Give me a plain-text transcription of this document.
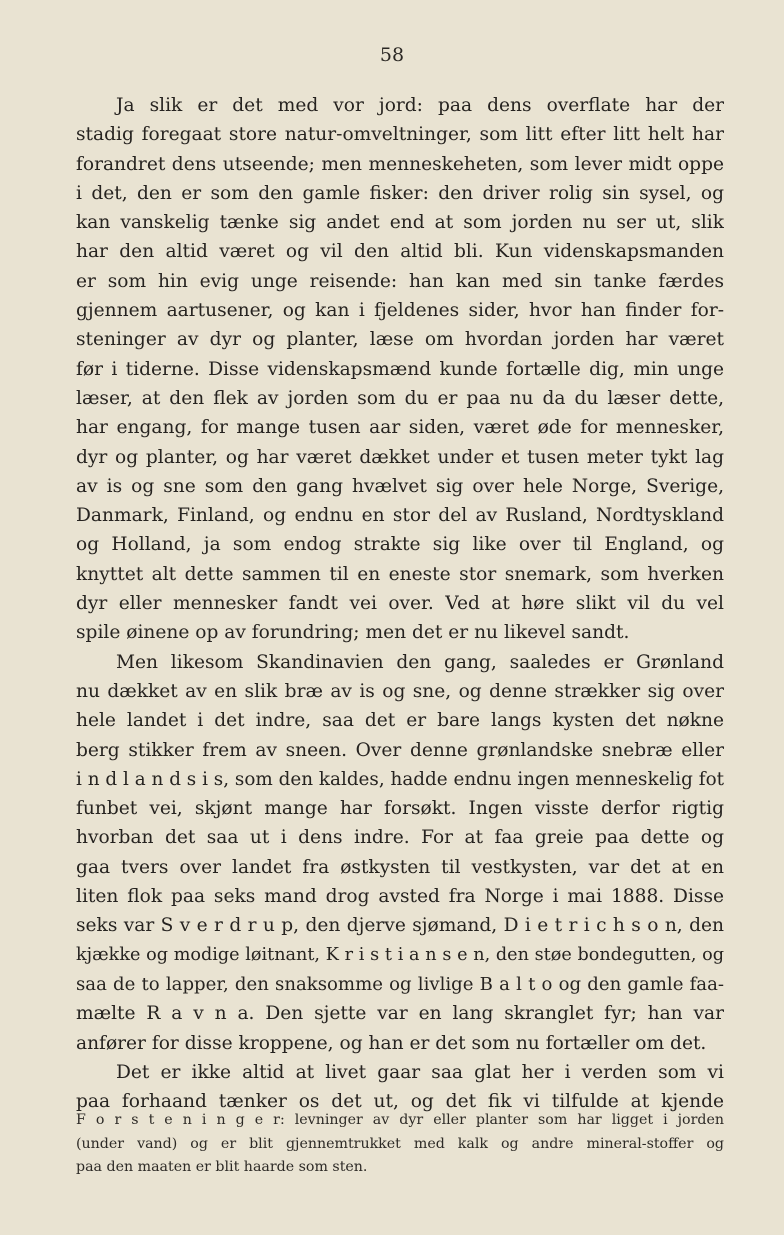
58
Ja slik er det med vor jord: paa dens overflate har der
stadig foregaat store natur-omveltninger, som litt efter litt helt har
forandret dens utseende; men menneskeheten, som lever midt oppe
i det, den er som den gamle fisker: den driver rolig sin sysel, og
kan vanskelig tænke sig andet end at som jorden nu ser ut, slik
har den altid været og vil den altid bli. Kun videnskapsmanden
er som hin evig unge reisende: han kan med sin tanke færdes
gjennem aartusener, og kan i fjeldenes sider, hvor han finder for-
steninger av dyr og planter, læse om hvordan jorden har været
før i tiderne. Disse videnskapsmænd kunde fortælle dig, min unge
læser, at den flek av jorden som du er paa nu da du læser dette,
har engang, for mange tusen aar siden, været øde for mennesker,
dyr og planter, og har været dækket under et tusen meter tykt lag
av is og sne som den gang hvælvet sig over hele Norge, Sverige,
Danmark, Finland, og endnu en stor del av Rusland, Nordtyskland
og Holland, ja som endog strakte sig like over til England, og
knyttet alt dette sammen til en eneste stor snemark, som hverken
dyr eller mennesker fandt vei over. Ved at høre slikt vil du vel
spile øinene op av forundring; men det er nu likevel sandt.
Men likesom Skandinavien den gang, saaledes er Grønland
nu dækket av en slik bræ av is og sne, og denne strækker sig over
hele landet i det indre, saa det er bare langs kysten det nøkne
berg stikker frem av sneen. Over denne grønlandske snebræ eller
i n d l a n d s i s, som den kaldes, hadde endnu ingen menneskelig fot
funbet vei, skjønt mange har forsøkt. Ingen visste derfor rigtig
hvorban det saa ut i dens indre. For at faa greie paa dette og
gaa tvers over landet fra østkysten til vestkysten, var det at en
liten flok paa seks mand drog avsted fra Norge i mai 1888. Disse
seks var S v e r d r u p, den djerve sjømand, D i e t r i c h s o n, den
kjække og modige løitnant, K r i s t i a n s e n, den støe bondegutten, og
saa de to lapper, den snaksomme og livlige B a l t o og den gamle faa-
mælte R a v n a. Den sjette var en lang skranglet fyr; han var
anfører for disse kroppene, og han er det som nu fortæller om det.
Det er ikke altid at livet gaar saa glat her i verden som vi
paa forhaand tænker os det ut, og det fik vi tilfulde at kjende
F o r s t e n i n g e r: levninger av dyr eller planter som har ligget i jorden
(under vand) og er blit gjennemtrukket med kalk og andre mineral-stoffer og
paa den maaten er blit haarde som sten.
